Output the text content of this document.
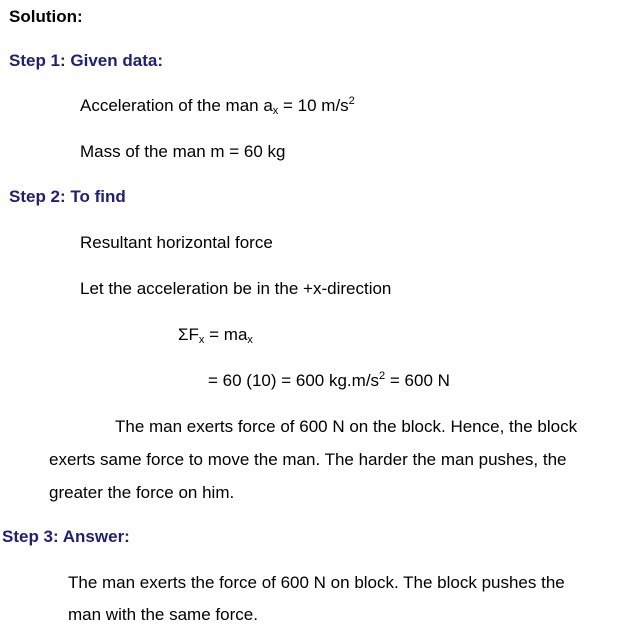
Solution:
Step 1: Given data:
Acceleration of the man $a_x = 10$ $m/s^2$
Mass of the man m = 60 kg
Step 2: To find
Resultant horizontal force
Let the acceleration be in the +x-direction
$\Sigma F_x = ma_x$
= 60 (10) = 600 $kg.m/s^2 = 600$ N
The man exerts force of 600 N on the block. Hence, the block
exerts same force to move the man. The harder the man pushes, the
greater the force on him.
Step 3: Answer:
The man exerts the force of 600 N on block. The block pushes the
man with the same force.
